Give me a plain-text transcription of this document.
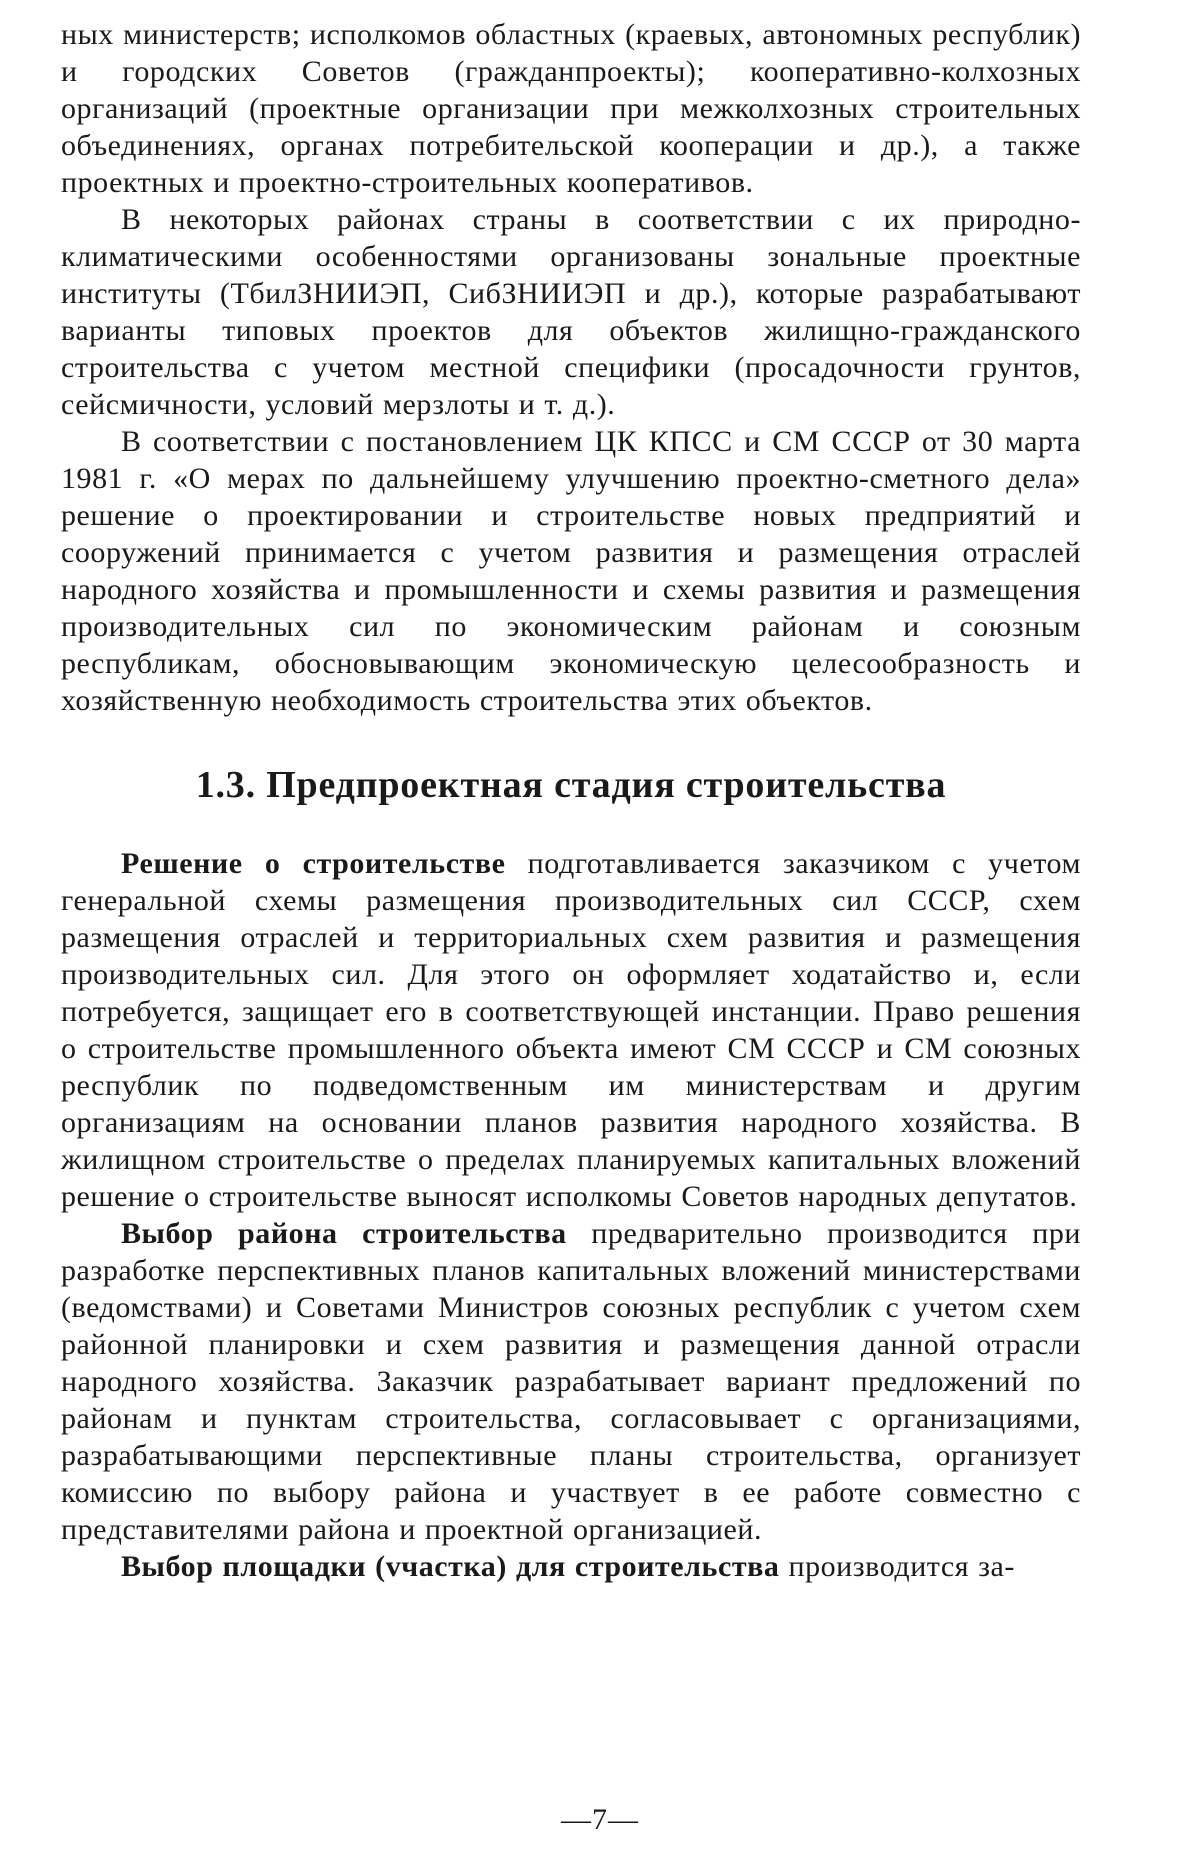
ных министерств; исполкомов областных (краевых, автономных республик) и городских Советов (гражданпроекты); кооперативно-колхозных организаций (проектные организации при межколхозных строительных объединениях, органах потребительской кооперации и др.), а также проектных и проектно-строительных кооперативов.

В некоторых районах страны в соответствии с их природно-климатическими особенностями организованы зональные проектные институты (ТбилЗНИИЭП, СибЗНИИЭП и др.), которые разрабатывают варианты типовых проектов для объектов жилищно-гражданского строительства с учетом местной специфики (просадочности грунтов, сейсмичности, условий мерзлоты и т. д.).

В соответствии с постановлением ЦК КПСС и СМ СССР от 30 марта 1981 г. «О мерах по дальнейшему улучшению проектно-сметного дела» решение о проектировании и строительстве новых предприятий и сооружений принимается с учетом развития и размещения отраслей народного хозяйства и промышленности и схемы развития и размещения производительных сил по экономическим районам и союзным республикам, обосновывающим экономическую целесообразность и хозяйственную необходимость строительства этих объектов.

1.3. Предпроектная стадия строительства

Решение о строительстве подготавливается заказчиком с учетом генеральной схемы размещения производительных сил СССР, схем размещения отраслей и территориальных схем развития и размещения производительных сил. Для этого он оформляет ходатайство и, если потребуется, защищает его в соответствующей инстанции. Право решения о строительстве промышленного объекта имеют СМ СССР и СМ союзных республик по подведомственным им министерствам и другим организациям на основании планов развития народного хозяйства. В жилищном строительстве о пределах планируемых капитальных вложений решение о строительстве выносят исполкомы Советов народных депутатов.

Выбор района строительства предварительно производится при разработке перспективных планов капитальных вложений министерствами (ведомствами) и Советами Министров союзных республик с учетом схем районной планировки и схем развития и размещения данной отрасли народного хозяйства. Заказчик разрабатывает вариант предложений по районам и пунктам строительства, согласовывает с организациями, разрабатывающими перспективные планы строительства, организует комиссию по выбору района и участвует в ее работе совместно с представителями района и проектной организацией.

Выбор площадки (vчастка) для строительства производится за-

—7—
